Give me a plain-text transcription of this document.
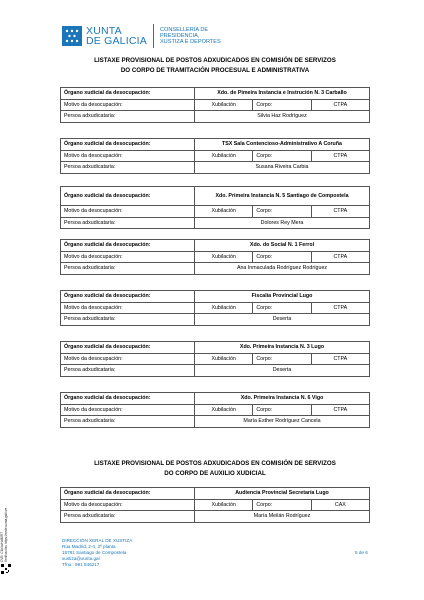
XUNTA
DE GALICIA
CONSELLERÍA DE
PRESIDENCIA,
XUSTIZA E DEPORTES
LISTAXE PROVISIONAL DE POSTOS ADXUDICADOS EN COMISIÓN DE SERVIZOS
DO CORPO DE TRAMITACIÓN PROCESUAL E ADMINISTRATIVA
LISTAXE PROVISIONAL DE POSTOS ADXUDICADOS EN COMISIÓN DE SERVIZOS
DO CORPO DE AUXILIO XUDICIAL
Órgano xudicial da desocupación:	Xdo. de Pimeira Instancia e Instrución N. 3 Carballo		
Motivo da desocupación:	Xubilación	Corpo:	CTPA
Persoa adxudicataria:	Silvia Haz Rodríguez		
Órgano xudicial da desocupación:	TSX Sala Contencioso-Administrativo A Coruña		
Motivo da desocupación:	Xubilación	Corpo:	CTPA
Persoa adxudicataria:	Susana Riveira Carbia		
Órgano xudicial da desocupación:	Xdo. Primeira Instancia N. 5 Santiago de Compostela		
Motivo da desocupación:	Xubilación	Corpo:	CTPA
Persoa adxudicataria:	Dolores Rey Mera		
Órgano xudicial da desocupación:	Xdo. do Social N. 1 Ferrol		
Motivo da desocupación:	Xubilación	Corpo:	CTPA
Persoa adxudicataria:	Ana Inmaculada Rodríguez Rodríguez		
Órgano xudicial da desocupación:	Fiscalía Provincial Lugo		
Motivo da desocupación:	Xubilación	Corpo:	CTPA
Persoa adxudicataria:	Deserta		
Órgano xudicial da desocupación:	Xdo. Primeira Instancia N. 3 Lugo		
Motivo da desocupación:	Xubilación	Corpo:	CTPA
Persoa adxudicataria:	Deserta		
Órgano xudicial da desocupación:	Xdo. Primeira Instancia N. 6 Vigo		
Motivo da desocupación:	Xubilación	Corpo:	CTPA
Persoa adxudicataria:	María Esther Rodríguez Cancela		
Órgano xudicial da desocupación:	Audiencia Provincial Secretaría Lugo		
Motivo da desocupación:	Xubilación	Corpo:	CAX
Persoa adxudicataria:	María Meilán Rodríguez		
CVE: C1b1wHzB0R7 Verificación: https://sede.xunta.gal/cve	DIRECCIÓN XERAL DE XUSTIZA
Rúa Madrid, 2-4, 2ª planta
15781 Santiago de Compostela
xustiza@xunta.gal
Tfno.: 981 546217
5 de 6
